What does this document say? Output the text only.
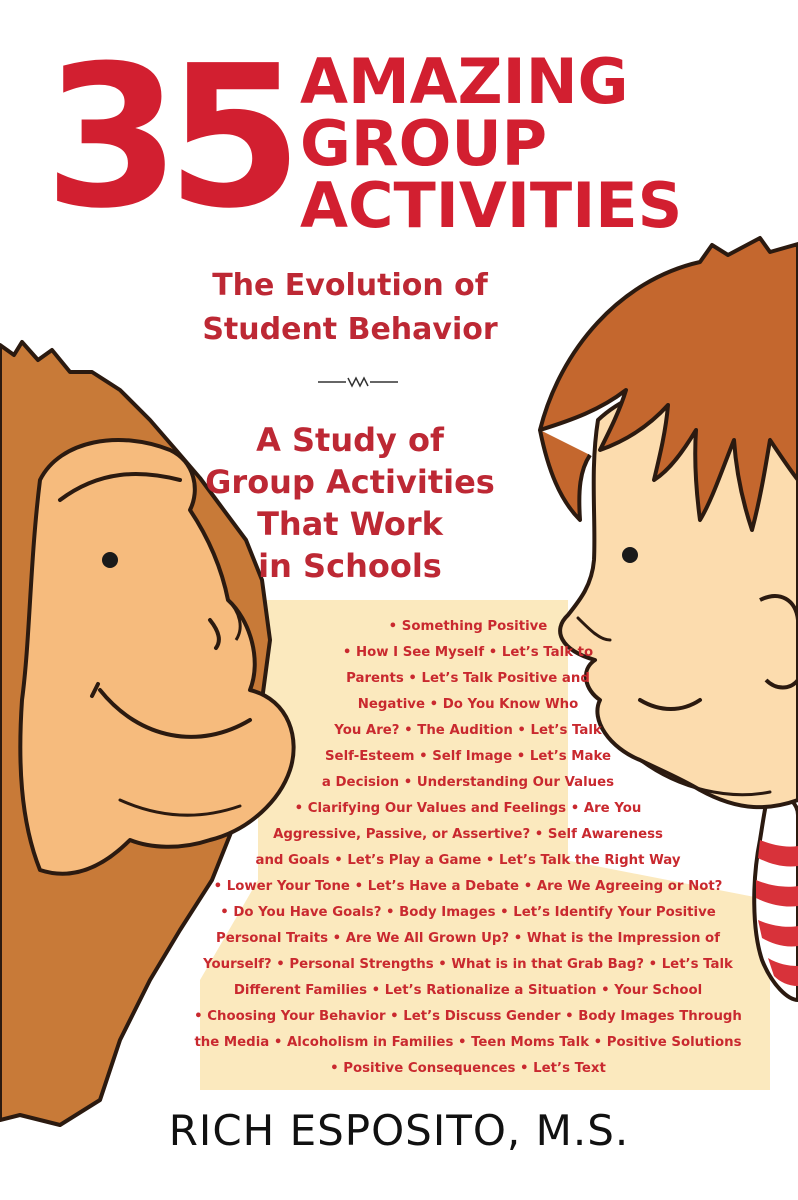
35 AMAZING
GROUP
ACTIVITIES
The Evolution of
Student Behavior
A Study of
Group Activities
That Work
in Schools
• Something Positive
• How I See Myself • Let’s Talk to
Parents • Let’s Talk Positive and
Negative • Do You Know Who
You Are? • The Audition • Let’s Talk
Self-Esteem • Self Image • Let’s Make
a Decision • Understanding Our Values
• Clarifying Our Values and Feelings • Are You
Aggressive, Passive, or Assertive? • Self Awareness
and Goals • Let’s Play a Game • Let’s Talk the Right Way
• Lower Your Tone • Let’s Have a Debate • Are We Agreeing or Not?
• Do You Have Goals? • Body Images • Let’s Identify Your Positive
Personal Traits • Are We All Grown Up? • What is the Impression of
Yourself? • Personal Strengths • What is in that Grab Bag? • Let’s Talk
Different Families • Let’s Rationalize a Situation • Your School
• Choosing Your Behavior • Let’s Discuss Gender • Body Images Through
the Media • Alcoholism in Families • Teen Moms Talk • Positive Solutions
• Positive Consequences • Let’s Text
RICH ESPOSITO, M.S.
